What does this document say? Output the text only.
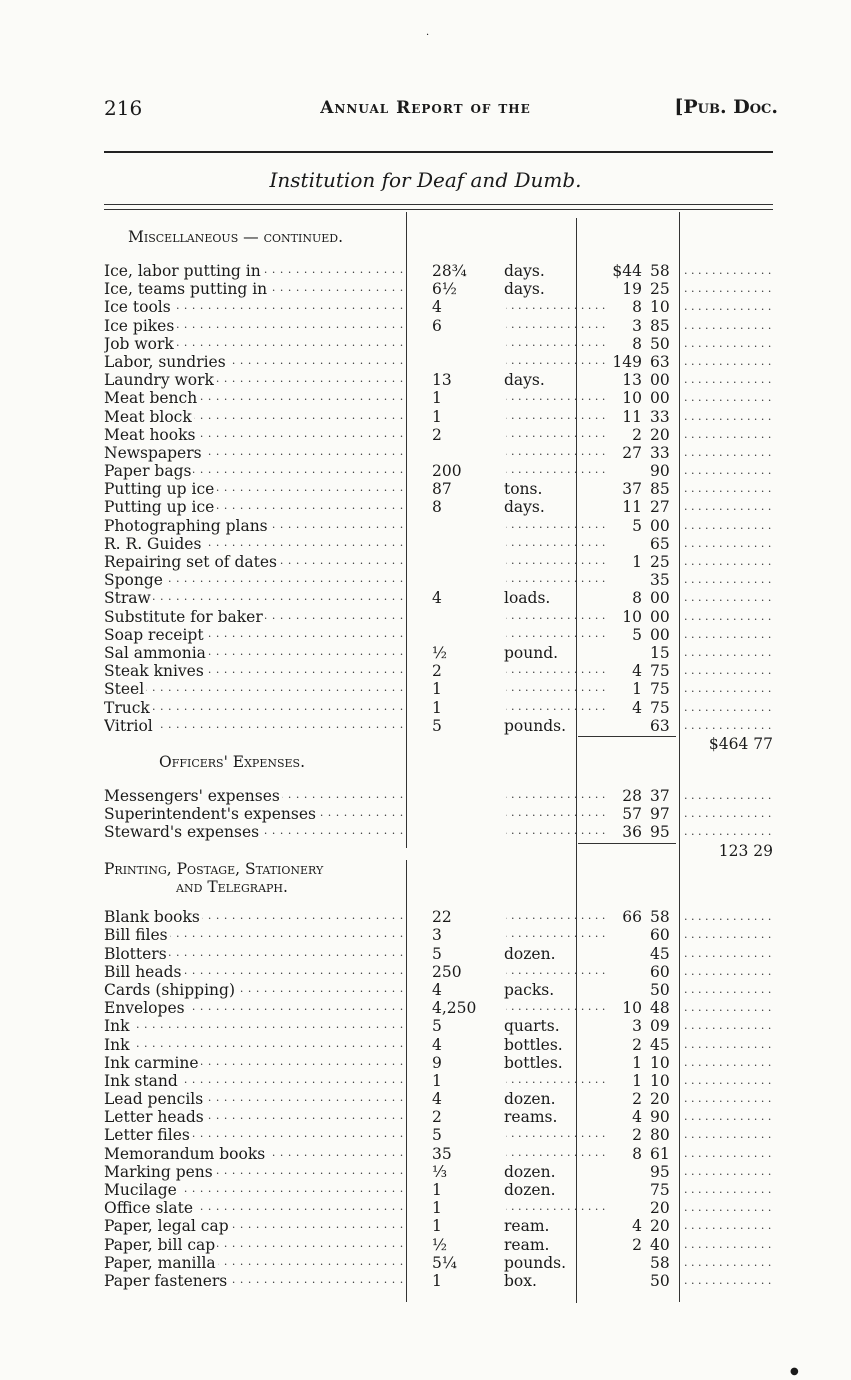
·
216	Annual Report of the	[Pub. Doc.
Institution for Deaf and Dumb.
Miscellaneous — continued.
Ice, labor putting in . . .	28¾	days.	$44 58
. . .
Ice, teams putting in . . .	6½	days.	19 25
. . .
Ice tools . . .	4 . . .	8 10
. . .
Ice pikes . . .	6 . . .	3 85
. . .
Job work . . . . . .	8 50
. . .
Labor, sundries . . . . . .	149 63
. . .
Laundry work . . .	13	days.	13 00
. . .
Meat bench . . .	1 . . .	10 00
. . .
Meat block . . .	1 . . .	11 33
. . .
Meat hooks . . .	2 . . .	2 20
. . .
Newspapers . . . . . .	27 33
. . .
Paper bags . . .	200 . . .	90
. . .
Putting up ice . . .	87	tons.	37 85
. . .
Putting up ice . . .	8	days.	11 27
. . .
Photographing plans . . . . . .	5 00
. . .
R. R. Guides . . . . . .	65
. . .
Repairing set of dates . . . . . .	1 25
. . .
Sponge . . . . . .	35
. . .
Straw . . .	4	loads.	8 00
. . .
Substitute for baker . . . . . .	10 00
. . .
Soap receipt . . . . . .	5 00
. . .
Sal ammonia . . .	½	pound.	15
. . .
Steak knives . . .	2 . . .	4 75
. . .
Steel . . .	1 . . .	1 75
. . .
Truck . . .	1 . . .	4 75
. . .
Vitriol . . .	5	pounds.	63
. . .
$464 77
Officers' Expenses.
Messengers' expenses . . . . . .	28 37
. . .
Superintendent's expenses . . . . . .	57 97
. . .
Steward's expenses . . . . . .	36 95
. . .
123 29
Printing, Postage, Stationery
and Telegraph.
Blank books . . .	22 . . .	66 58
. . .
Bill files . . .	3 . . .	60
. . .
Blotters . . .	5	dozen.	45
. . .
Bill heads . . .	250 . . .	60
. . .
Cards (shipping) . . .	4	packs.	50
. . .
Envelopes . . .	4,250 . . .	10 48
. . .
Ink . . .	5	quarts.	3 09
. . .
Ink . . .	4	bottles.	2 45
. . .
Ink carmine . . .	9	bottles.	1 10
. . .
Ink stand . . .	1 . . .	1 10
. . .
Lead pencils . . .	4	dozen.	2 20
. . .
Letter heads . . .	2	reams.	4 90
. . .
Letter files . . .	5 . . .	2 80
. . .
Memorandum books . . .	35 . . .	8 61
. . .
Marking pens . . .	⅓	dozen.	95
. . .
Mucilage . . .	1	dozen.	75
. . .
Office slate . . .	1 . . .	20
. . .
Paper, legal cap . . .	1	ream.	4 20
. . .
Paper, bill cap . . .	½	ream.	2 40
. . .
Paper, manilla . . .	5¼	pounds.	58
. . .
Paper fasteners . . .	1	box.	50
. . .
●
